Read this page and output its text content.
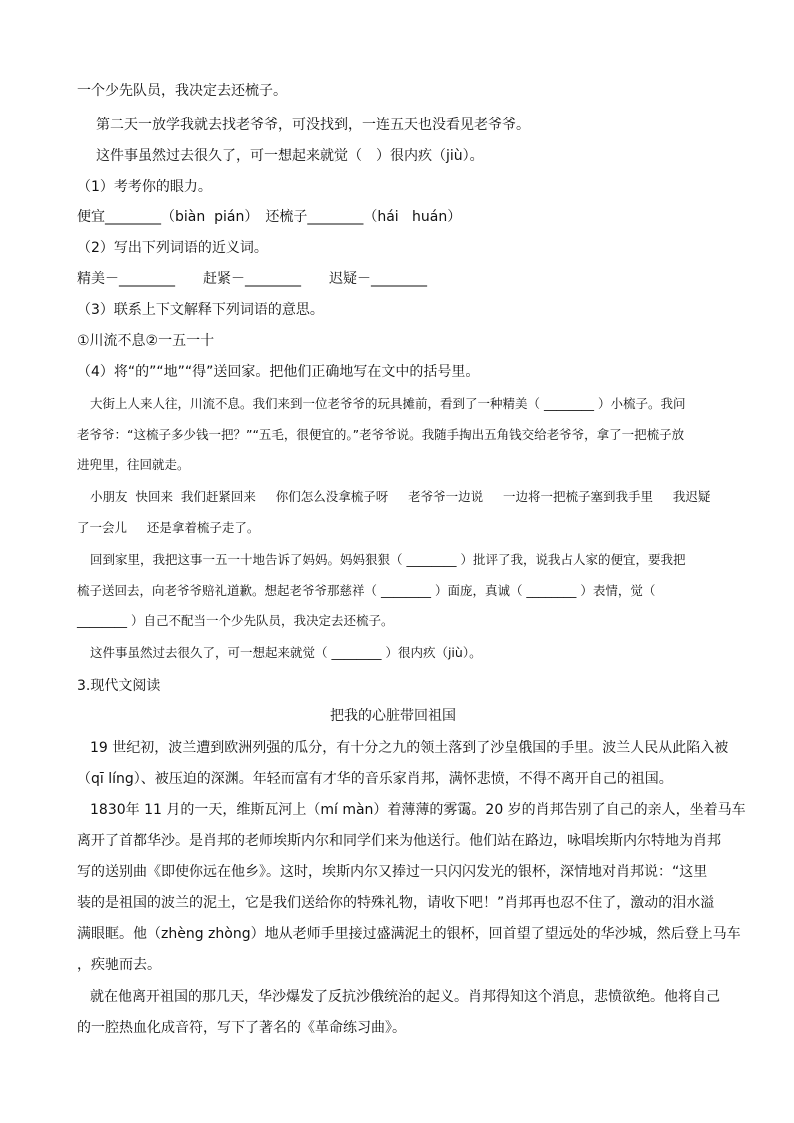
一个少先队员，我决定去还梳子。
第二天一放学我就去找老爷爷，可没找到，一连五天也没看见老爷爷。
这件事虽然过去很久了，可一想起来就觉（　）很内疚（jiù）。
（1）考考你的眼力。
便宜________（biàn  pián）　还梳子________（hái   huán）
（2）写出下列词语的近义词。
精美－________　　赶紧－________　　迟疑－________
（3）联系上下文解释下列词语的意思。
①川流不息②一五一十
（4）将“的”“地”“得”送回家。把他们正确地写在文中的括号里。
大街上人来人往，川流不息。我们来到一位老爷爷的玩具摊前，看到了一种精美（ ________ ）小梳子。我问
老爷爷：“这梳子多少钱一把？”“五毛，很便宜的。”老爷爷说。我随手掏出五角钱交给老爷爷，拿了一把梳子放
进兜里，往回就走。
小朋友  快回来  我们赶紧回来     你们怎么没拿梳子呀     老爷爷一边说     一边将一把梳子塞到我手里     我迟疑
了一会儿     还是拿着梳子走了。
回到家里，我把这事一五一十地告诉了妈妈。妈妈狠狠（ ________ ）批评了我，说我占人家的便宜，要我把
梳子送回去，向老爷爷赔礼道歉。想起老爷爷那慈祥（ ________ ）面庞，真诚（ ________ ）表情，觉（
________ ）自己不配当一个少先队员，我决定去还梳子。
这件事虽然过去很久了，可一想起来就觉（ ________ ）很内疚（jiù）。
3.现代文阅读
把我的心脏带回祖国
19 世纪初，波兰遭到欧洲列强的瓜分，有十分之九的领土落到了沙皇俄国的手里。波兰人民从此陷入被
（qī líng）、被压迫的深渊。年轻而富有才华的音乐家肖邦，满怀悲愤，不得不离开自己的祖国。
1830年 11 月的一天，维斯瓦河上（mí màn）着薄薄的雾霭。20 岁的肖邦告别了自己的亲人，坐着马车
离开了首都华沙。是肖邦的老师埃斯内尔和同学们来为他送行。他们站在路边，咏唱埃斯内尔特地为肖邦
写的送别曲《即使你远在他乡》。这时，埃斯内尔又捧过一只闪闪发光的银杯，深情地对肖邦说：“这里
装的是祖国的波兰的泥土，它是我们送给你的特殊礼物，请收下吧！”肖邦再也忍不住了，激动的泪水溢
满眼眶。他（zhèng zhòng）地从老师手里接过盛满泥土的银杯，回首望了望远处的华沙城，然后登上马车
，疾驰而去。
就在他离开祖国的那几天，华沙爆发了反抗沙俄统治的起义。肖邦得知这个消息，悲愤欲绝。他将自己
的一腔热血化成音符，写下了著名的《革命练习曲》。
